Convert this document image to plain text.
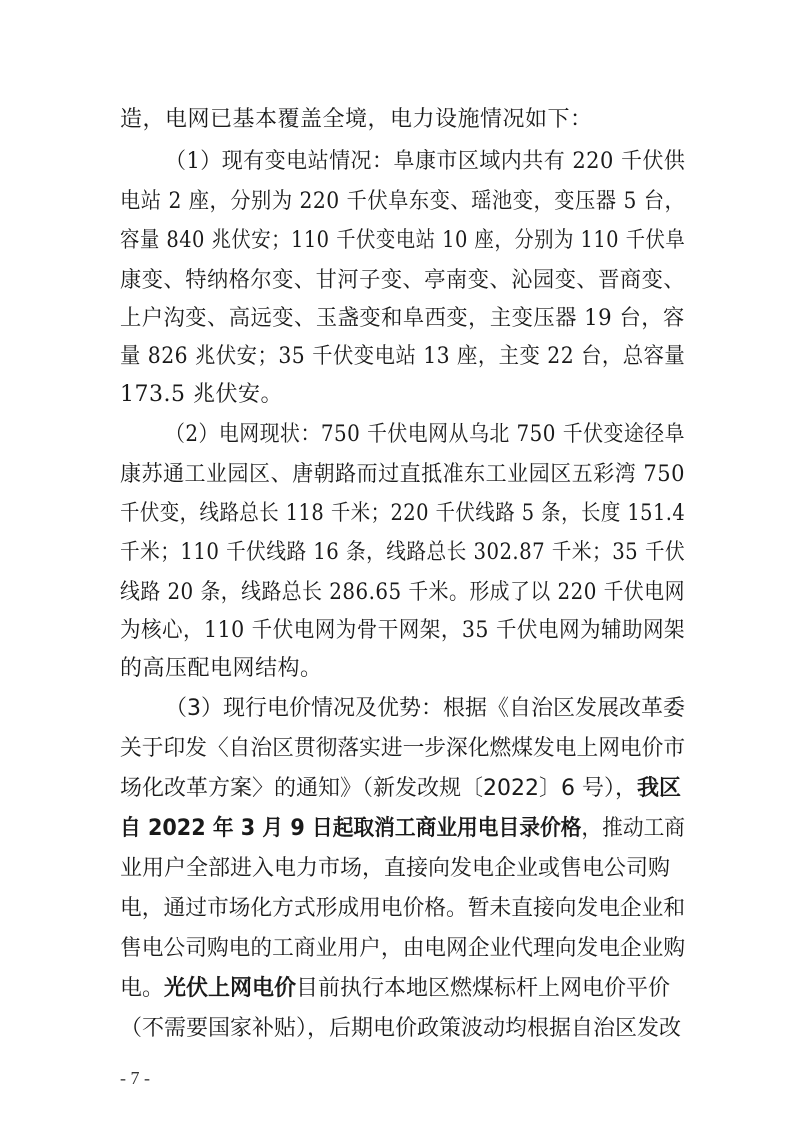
造，电网已基本覆盖全境，电力设施情况如下：
（1）现有变电站情况：阜康市区域内共有 220 千伏供
电站 2 座，分别为 220 千伏阜东变、瑶池变，变压器 5 台，
容量 840 兆伏安；110 千伏变电站 10 座，分别为 110 千伏阜
康变、特纳格尔变、甘河子变、亭南变、沁园变、晋商变、
上户沟变、高远变、玉盏变和阜西变，主变压器 19 台，容
量 826 兆伏安；35 千伏变电站 13 座，主变 22 台，总容量
173.5 兆伏安。
（2）电网现状：750 千伏电网从乌北 750 千伏变途径阜
康苏通工业园区、唐朝路而过直抵准东工业园区五彩湾 750
千伏变，线路总长 118 千米；220 千伏线路 5 条，长度 151.4
千米；110 千伏线路 16 条，线路总长 302.87 千米；35 千伏
线路 20 条，线路总长 286.65 千米。形成了以 220 千伏电网
为核心，110 千伏电网为骨干网架，35 千伏电网为辅助网架
的高压配电网结构。
（3）现行电价情况及优势：根据《自治区发展改革委
关于印发〈自治区贯彻落实进一步深化燃煤发电上网电价市
场化改革方案〉的通知》（新发改规〔2022〕6 号），我区
自 2022 年 3 月 9 日起取消工商业用电目录价格，推动工商
业用户全部进入电力市场，直接向发电企业或售电公司购
电，通过市场化方式形成用电价格。暂未直接向发电企业和
售电公司购电的工商业用户，由电网企业代理向发电企业购
电。光伏上网电价目前执行本地区燃煤标杆上网电价平价
（不需要国家补贴），后期电价政策波动均根据自治区发改
- 7 -
